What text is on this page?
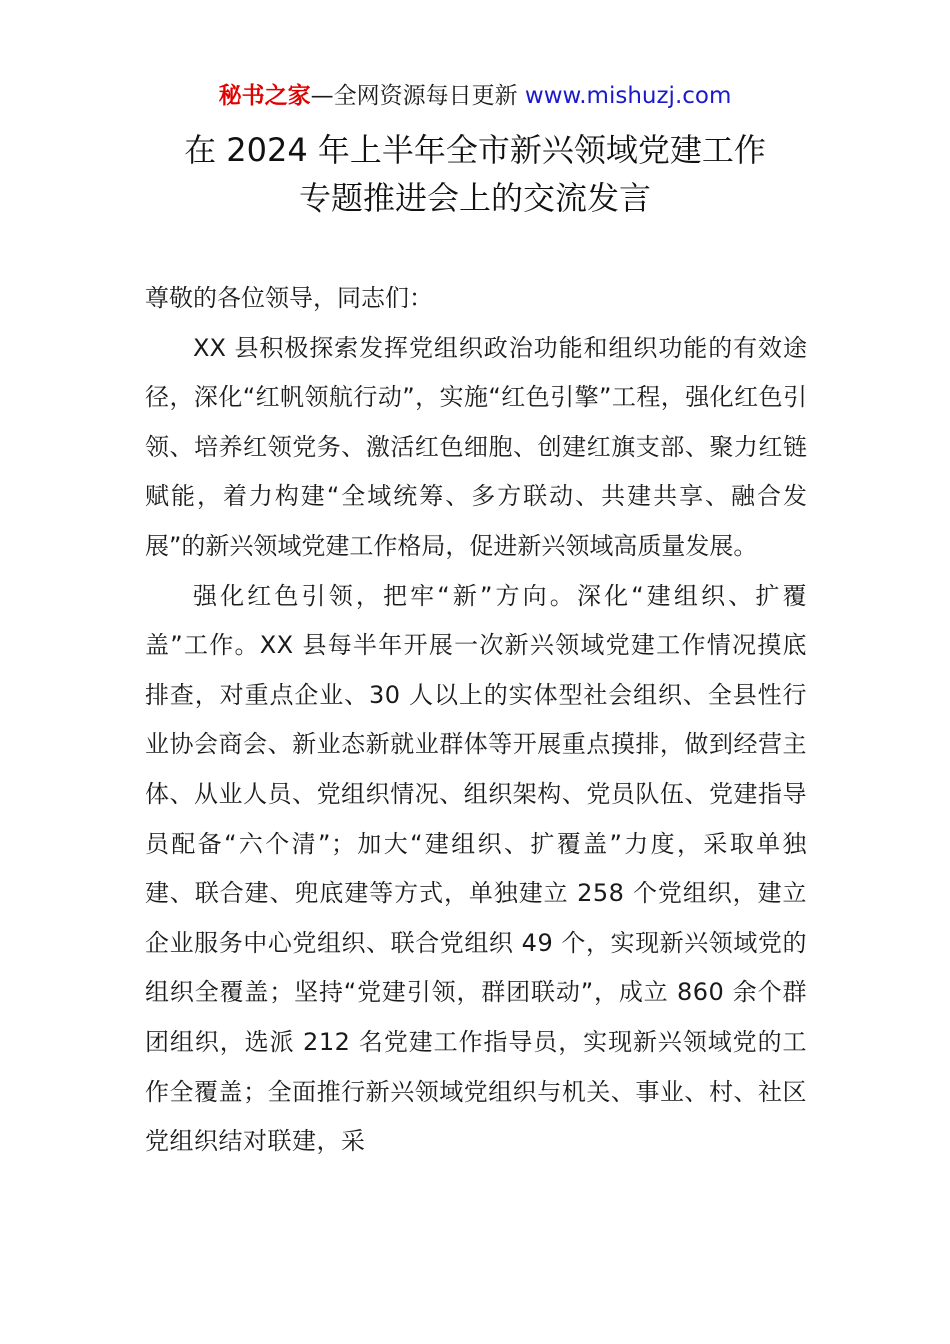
秘书之家—全网资源每日更新 www.mishuzj.com
在 2024 年上半年全市新兴领域党建工作
专题推进会上的交流发言

尊敬的各位领导，同志们：

XX 县积极探索发挥党组织政治功能和组织功能的有效途径，深化“红帆领航行动”，实施“红色引擎”工程，强化红色引领、培养红领党务、激活红色细胞、创建红旗支部、聚力红链赋能，着力构建“全域统筹、多方联动、共建共享、融合发展”的新兴领域党建工作格局，促进新兴领域高质量发展。

强化红色引领，把牢“新”方向。深化“建组织、扩覆盖”工作。XX 县每半年开展一次新兴领域党建工作情况摸底排查，对重点企业、30 人以上的实体型社会组织、全县性行业协会商会、新业态新就业群体等开展重点摸排，做到经营主体、从业人员、党组织情况、组织架构、党员队伍、党建指导员配备“六个清”；加大“建组织、扩覆盖”力度，采取单独建、联合建、兜底建等方式，单独建立 258 个党组织，建立企业服务中心党组织、联合党组织 49 个，实现新兴领域党的组织全覆盖；坚持“党建引领，群团联动”，成立 860 余个群团组织，选派 212 名党建工作指导员，实现新兴领域党的工作全覆盖；全面推行新兴领域党组织与机关、事业、村、社区党组织结对联建，采
